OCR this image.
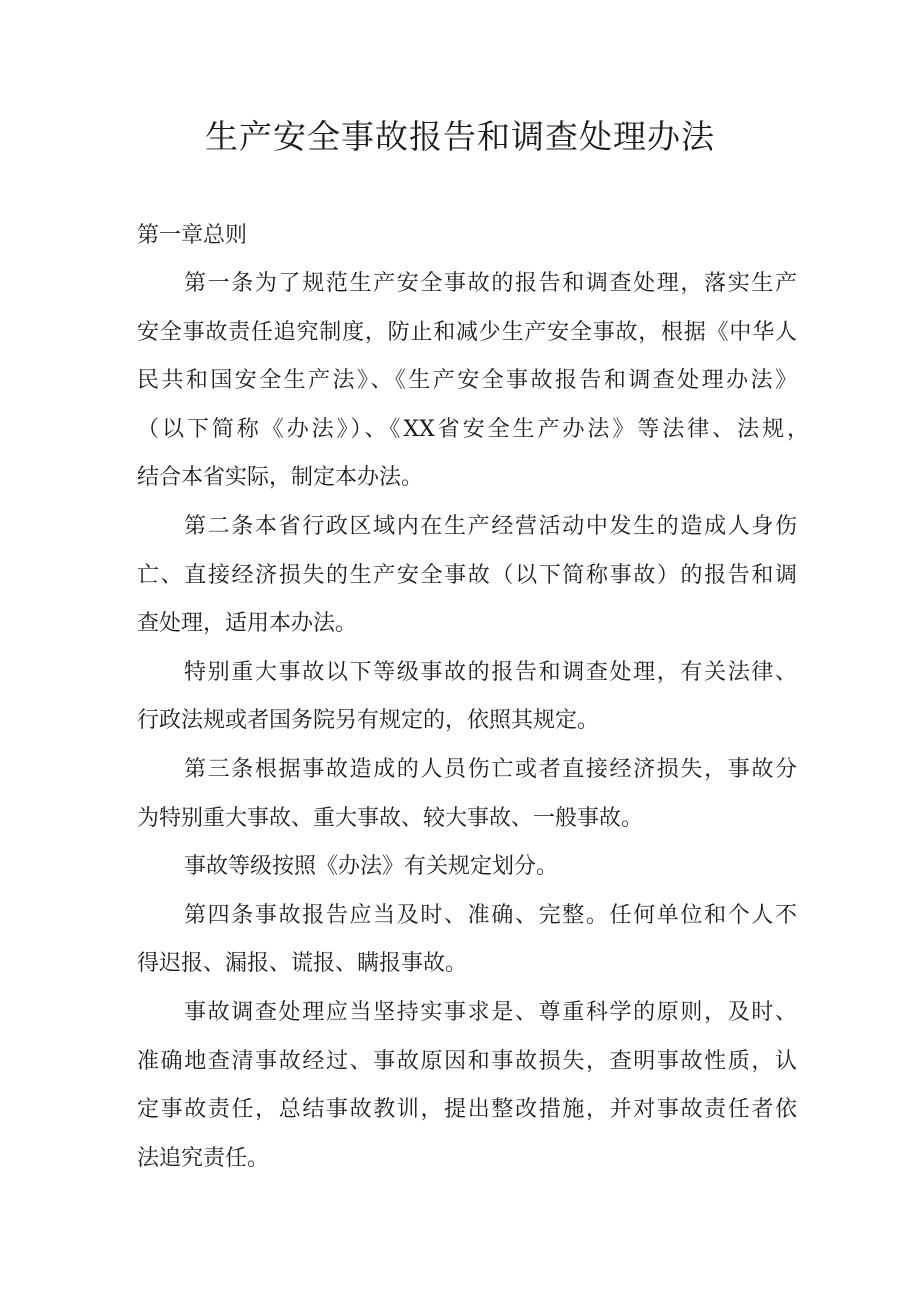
生产安全事故报告和调查处理办法

第一章总则

第一条为了规范生产安全事故的报告和调查处理，落实生产
安全事故责任追究制度，防止和减少生产安全事故，根据《中华人
民共和国安全生产法》、《生产安全事故报告和调查处理办法》
（以下简称《办法》）、《XX省安全生产办法》等法律、法规，
结合本省实际，制定本办法。

第二条本省行政区域内在生产经营活动中发生的造成人身伤
亡、直接经济损失的生产安全事故（以下简称事故）的报告和调
查处理，适用本办法。

特别重大事故以下等级事故的报告和调查处理，有关法律、
行政法规或者国务院另有规定的，依照其规定。

第三条根据事故造成的人员伤亡或者直接经济损失，事故分
为特别重大事故、重大事故、较大事故、一般事故。

事故等级按照《办法》有关规定划分。

第四条事故报告应当及时、准确、完整。任何单位和个人不
得迟报、漏报、谎报、瞒报事故。

事故调查处理应当坚持实事求是、尊重科学的原则，及时、
准确地查清事故经过、事故原因和事故损失，查明事故性质，认
定事故责任，总结事故教训，提出整改措施，并对事故责任者依
法追究责任。
